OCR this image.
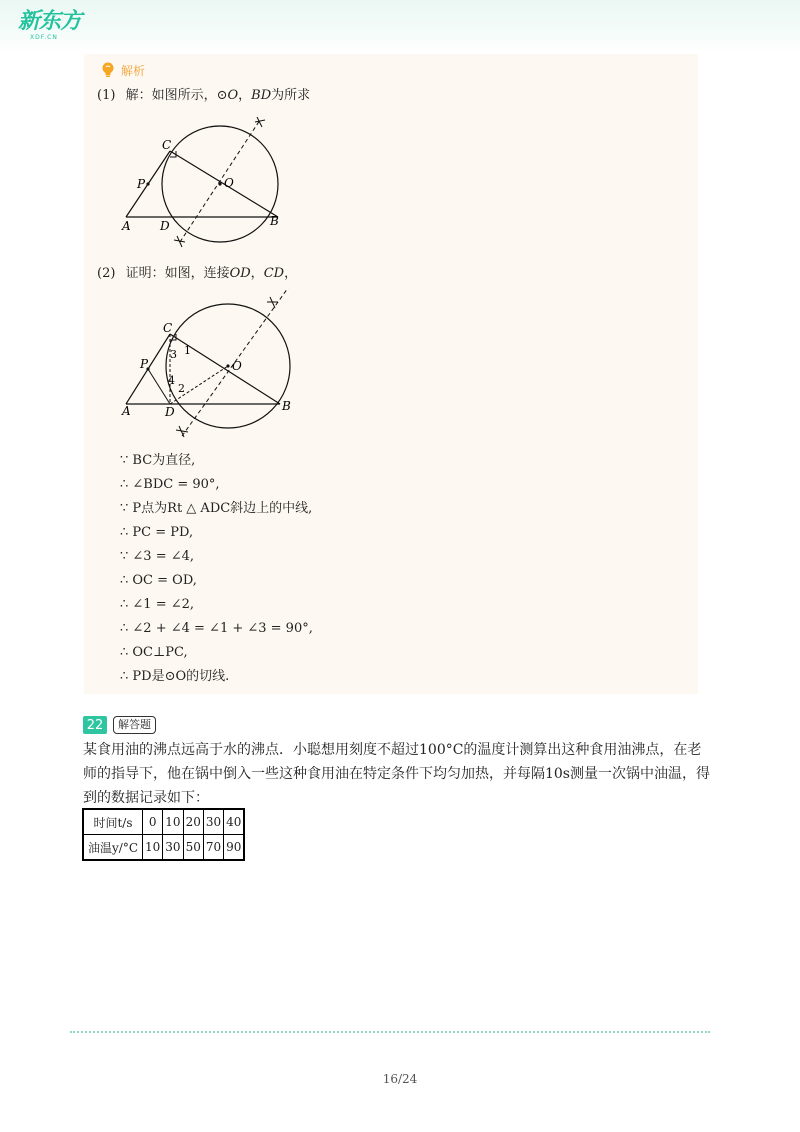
新东方
XDF.CN
解析
(1) 解：如图所示，⊙O，BD为所求
C
P	O
A D	B
(2) 证明：如图，连接OD，CD，
C
P	O
A	D	B
1
2
3
4
∵ BC为直径,
∴ ∠BDC = 90°,
∵ P点为Rt △ ADC斜边上的中线,
∴ PC = PD,
∵ ∠3 = ∠4,
∴ OC = OD,
∴ ∠1 = ∠2,
∴ ∠2 + ∠4 = ∠1 + ∠3 = 90°,
∴ OC⊥PC,
∴ PD是⊙O的切线.
22	解答题
某食用油的沸点远高于水的沸点．小聪想用刻度不超过100°C的温度计测算出这种食用油沸点，在老师的指导下，他在锅中倒入一些这种食用油在特定条件下均匀加热，并每隔10s测量一次锅中油温，得到的数据记录如下：
时间t/s	0	10	20	30	40
油温y/°C	10	30	50	70	90
16/24
